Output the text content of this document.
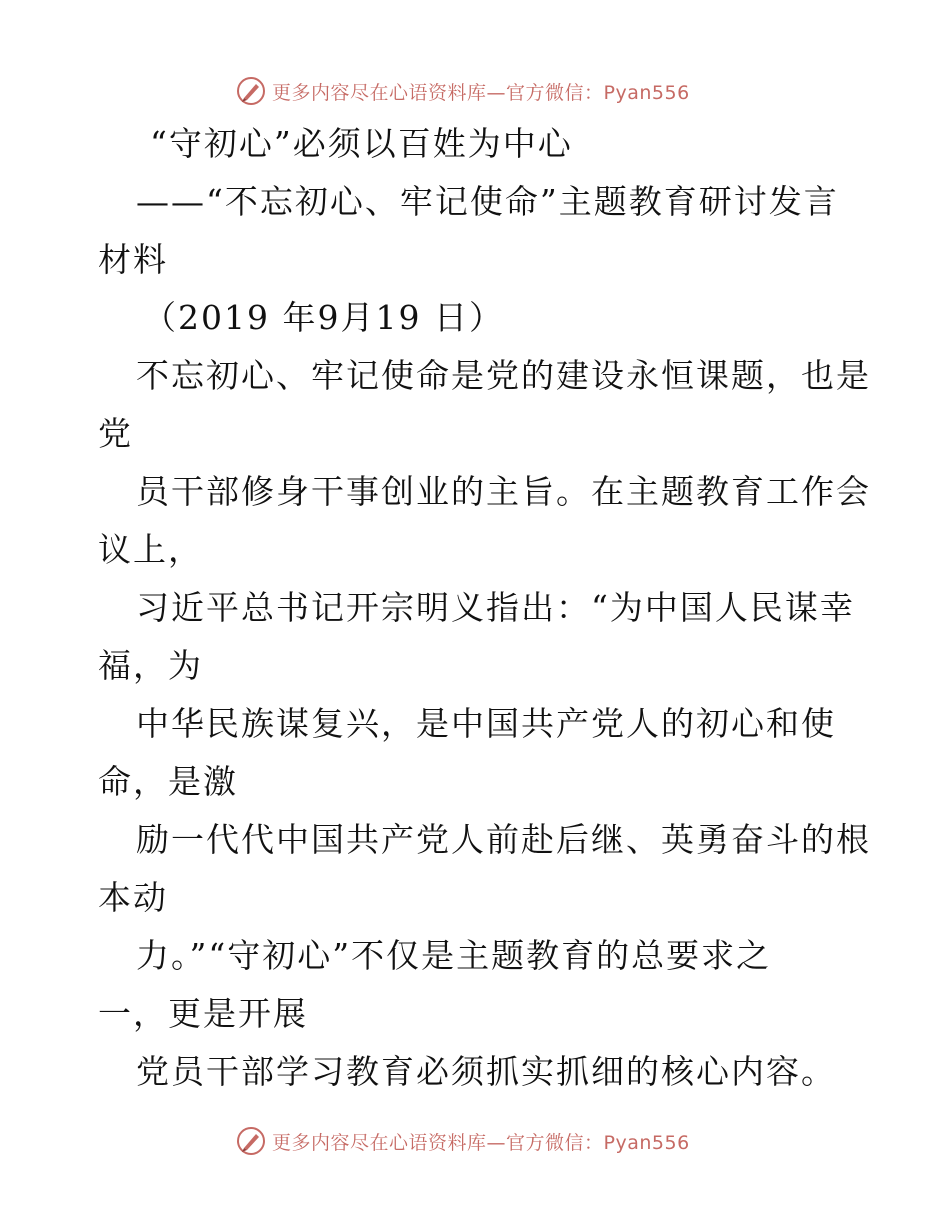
更多内容尽在心语资料库—官方微信：Pyan556
“守初心”必须以百姓为中心
——“不忘初心、牢记使命”主题教育研讨发言
材料
（2019 年9月19 日）
不忘初心、牢记使命是党的建设永恒课题，也是
党
员干部修身干事创业的主旨。在主题教育工作会
议上，
习近平总书记开宗明义指出：“为中国人民谋幸
福，为
中华民族谋复兴，是中国共产党人的初心和使
命，是激
励一代代中国共产党人前赴后继、英勇奋斗的根
本动
力。”“守初心”不仅是主题教育的总要求之
一，更是开展
党员干部学习教育必须抓实抓细的核心内容。
更多内容尽在心语资料库—官方微信：Pyan556
